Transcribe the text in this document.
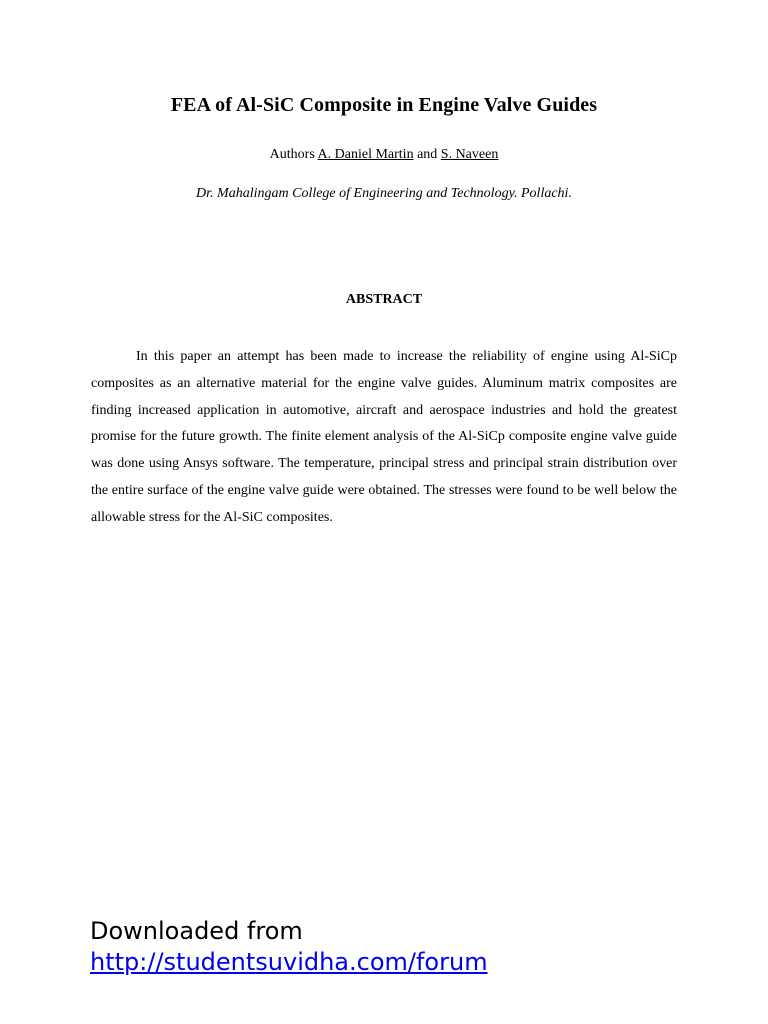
FEA of Al-SiC Composite in Engine Valve Guides
Authors A. Daniel Martin and S. Naveen
Dr. Mahalingam College of Engineering and Technology. Pollachi.
ABSTRACT

In this paper an attempt has been made to increase the reliability of engine using Al-SiCp composites as an alternative material for the engine valve guides. Aluminum matrix composites are finding increased application in automotive, aircraft and aerospace industries and hold the greatest promise for the future growth. The finite element analysis of the Al-SiCp composite engine valve guide was done using Ansys software. The temperature, principal stress and principal strain distribution over the entire surface of the engine valve guide were obtained. The stresses were found to be well below the allowable stress for the Al-SiC composites.

Downloaded from
http://studentsuvidha.com/forum
